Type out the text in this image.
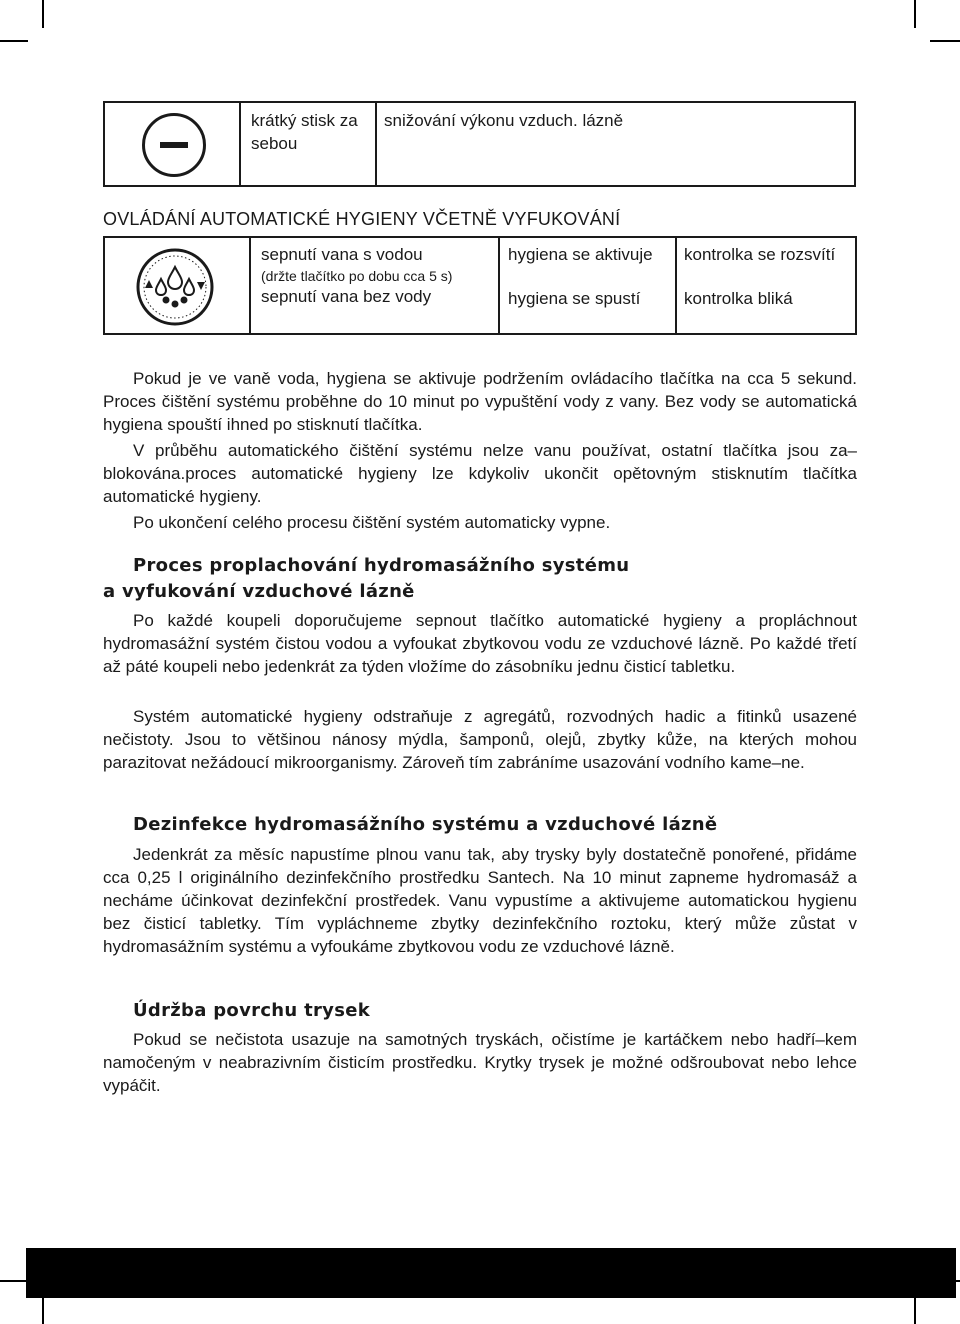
krátký stisk za sebou
snižování výkonu vzduch. lázně
OVLÁDÁNÍ AUTOMATICKÉ HYGIENY VČETNĚ VYFUKOVÁNÍ
sepnutí vana s vodou
(držte tlačítko po dobu cca 5 s)
sepnutí vana bez vody
hygiena se aktivuje
hygiena se spustí
kontrolka se rozsvítí
kontrolka bliká

Pokud je ve vaně voda, hygiena se aktivuje podržením ovládacího tlačítka na cca 5 sekund. Proces čištění systému proběhne do 10 minut po vypuštění vody z vany. Bez vody se automatická hygiena spouští ihned po stisknutí tlačítka.

V průběhu automatického čištění systému nelze vanu používat, ostatní tlačítka jsou za–blokována.proces automatické hygieny lze kdykoliv ukončit opětovným stisknutím tlačítka automatické hygieny.

Po ukončení celého procesu čištění systém automaticky vypne.

Proces proplachování hydromasážního systému
a vyfukování vzduchové lázně

Po každé koupeli doporučujeme sepnout tlačítko automatické hygieny a propláchnout hydromasážní systém čistou vodou a vyfoukat zbytkovou vodu ze vzduchové lázně. Po každé třetí až páté koupeli nebo jedenkrát za týden vložíme do zásobníku jednu čisticí tabletku.

Systém automatické hygieny odstraňuje z agregátů, rozvodných hadic a fitinků usazené nečistoty. Jsou to většinou nánosy mýdla, šamponů, olejů, zbytky kůže, na kterých mohou parazitovat nežádoucí mikroorganismy. Zároveň tím zabráníme usazování vodního kame–ne.

Dezinfekce hydromasážního systému a vzduchové lázně

Jedenkrát za měsíc napustíme plnou vanu tak, aby trysky byly dostatečně ponořené, přidáme cca 0,25 l originálního dezinfekčního prostředku Santech. Na 10 minut zapneme hydromasáž a necháme účinkovat dezinfekční prostředek. Vanu vypustíme a aktivujeme automatickou hygienu bez čisticí tabletky. Tím vypláchneme zbytky dezinfekčního roztoku, který může zůstat v hydromasážním systému a vyfoukáme zbytkovou vodu ze vzduchové lázně.

Údržba povrchu trysek

Pokud se nečistota usazuje na samotných tryskách, očistíme je kartáčkem nebo hadří–kem namočeným v neabrazivním čisticím prostředku. Krytky trysek je možné odšroubovat nebo lehce vypáčit.
